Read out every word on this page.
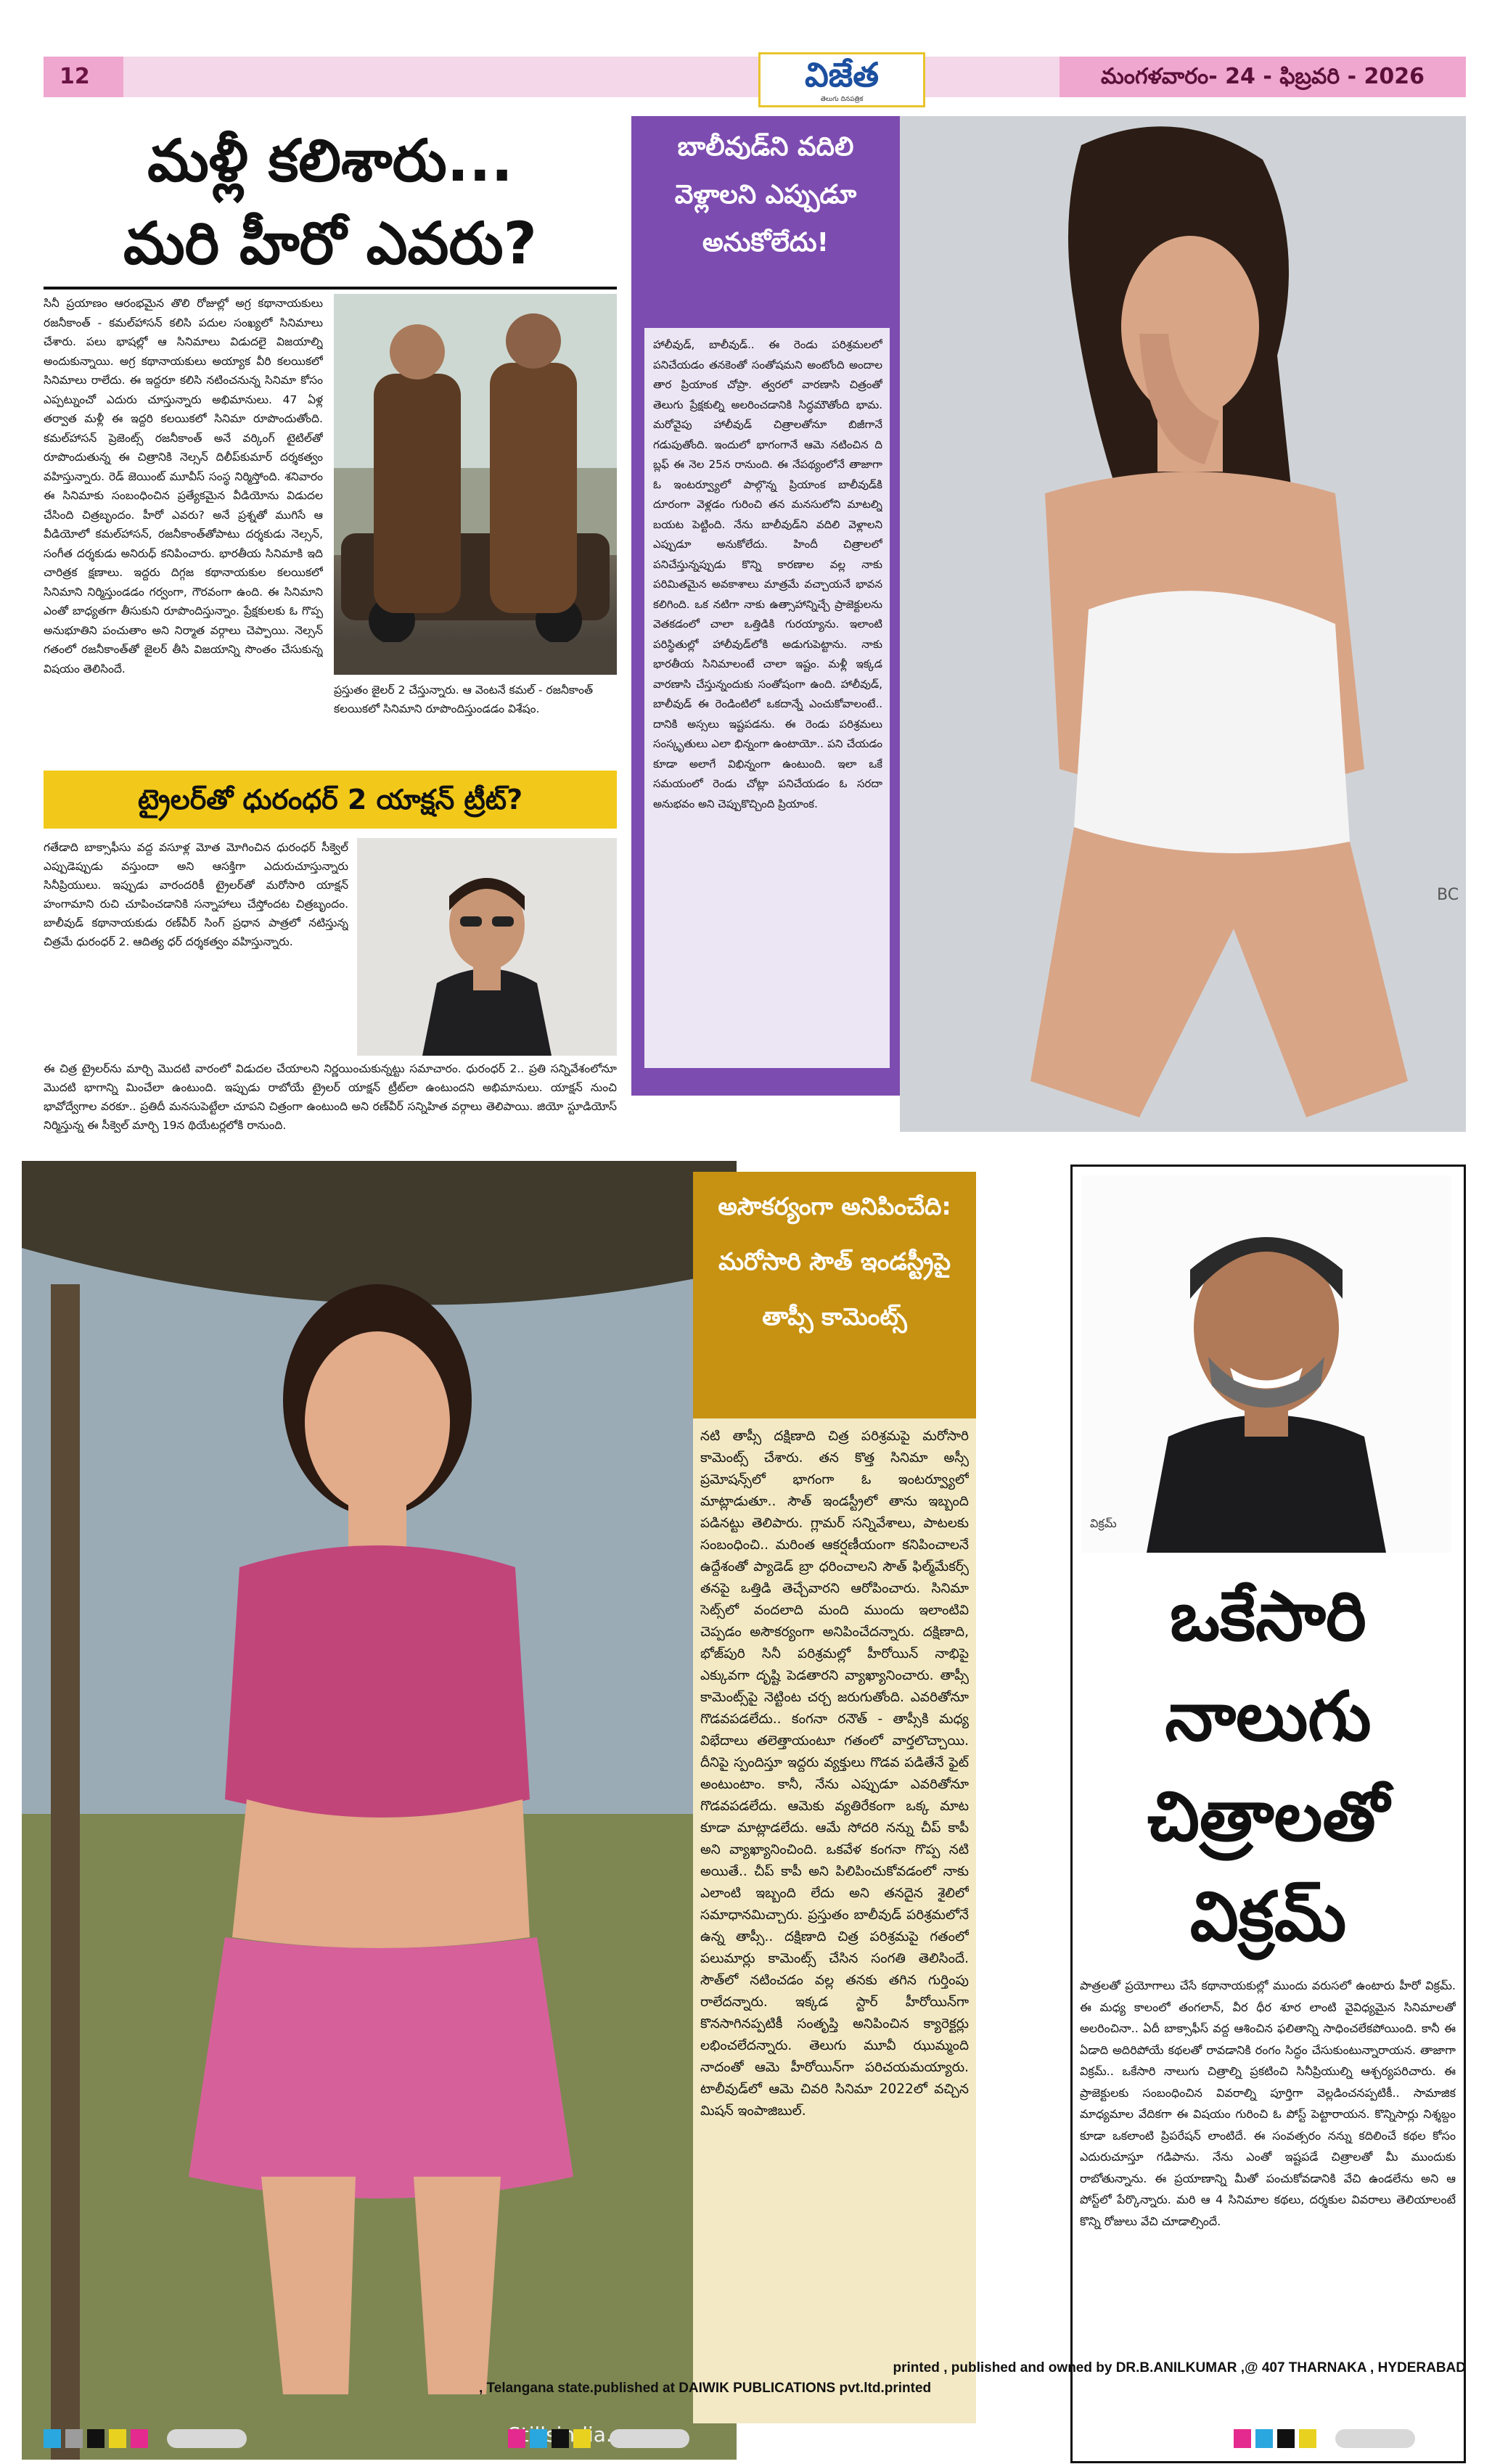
12	విజేత
తెలుగు దినపత్రిక
మంగళవారం- 24 - ఫిబ్రవరి - 2026
మళ్లీ కలిశారు...
మరి హీరో ఎవరు?
సినీ ప్రయాణం ఆరంభమైన తొలి రోజుల్లో అగ్ర కథానాయకులు రజనీకాంత్ - కమల్‌హాసన్ కలిసి పదుల సంఖ్యలో సినిమాలు చేశారు. పలు భాషల్లో ఆ సినిమాలు విడుదలై విజయాల్ని అందుకున్నాయి. అగ్ర కథానాయకులు అయ్యాక వీరి కలయికలో సినిమాలు రాలేదు. ఈ ఇద్దరూ కలిసి నటించనున్న సినిమా కోసం ఎప్పట్నుంచో ఎదురు చూస్తున్నారు అభిమానులు. 47 ఏళ్ల తర్వాత మళ్లీ ఈ ఇద్దరి కలయికలో సినిమా రూపొందుతోంది. కమల్‌హాసన్ ప్రెజెంట్స్ రజనీకాంత్ అనే వర్కింగ్ టైటిల్‌తో రూపొందుతున్న ఈ చిత్రానికి నెల్సన్ దిలీప్‌కుమార్ దర్శకత్వం వహిస్తున్నారు. రెడ్ జెయింట్ మూవీస్ సంస్థ నిర్మిస్తోంది. శనివారం ఈ సినిమాకు సంబంధించిన ప్రత్యేకమైన వీడియోను విడుదల చేసింది చిత్రబృందం. హీరో ఎవరు? అనే ప్రశ్నతో ముగిసే ఆ వీడియోలో కమల్‌హాసన్, రజనీకాంత్‌తోపాటు దర్శకుడు నెల్సన్, సంగీత దర్శకుడు అనిరుధ్ కనిపించారు. భారతీయ సినిమాకి ఇది చారిత్రక క్షణాలు. ఇద్దరు దిగ్గజ కథానాయకుల కలయికలో సినిమాని నిర్మిస్తుండడం గర్వంగా, గౌరవంగా ఉంది. ఈ సినిమాని ఎంతో బాధ్యతగా తీసుకుని రూపొందిస్తున్నాం. ప్రేక్షకులకు ఓ గొప్ప అనుభూతిని పంచుతాం అని నిర్మాత వర్గాలు చెప్పాయి. నెల్సన్ గతంలో రజనీకాంత్‌తో జైలర్ తీసి విజయాన్ని సొంతం చేసుకున్న విషయం తెలిసిందే.
ప్రస్తుతం జైలర్ 2 చేస్తున్నారు. ఆ వెంటనే కమల్ - రజనీకాంత్ కలయికలో సినిమాని రూపొందిస్తుండడం విశేషం.
ట్రైలర్‌తో ధురంధర్ 2 యాక్షన్ ట్రీట్?
గతేడాది బాక్సాఫీసు వద్ద వసూళ్ల మోత మోగించిన ధురంధర్ సీక్వెల్ ఎప్పుడెప్పుడు వస్తుందా అని ఆసక్తిగా ఎదురుచూస్తున్నారు సినీప్రియులు. ఇప్పుడు వారందరికీ ట్రైలర్‌తో మరోసారి యాక్షన్ హంగామాని రుచి చూపించడానికి సన్నాహాలు చేస్తోందట చిత్రబృందం. బాలీవుడ్ కథానాయకుడు రణ్‌వీర్ సింగ్ ప్రధాన పాత్రలో నటిస్తున్న చిత్రమే ధురంధర్ 2. ఆదిత్య ధర్ దర్శకత్వం వహిస్తున్నారు.
ఈ చిత్ర ట్రైలర్‌ను మార్చి మొదటి వారంలో విడుదల చేయాలని నిర్ణయించుకున్నట్టు సమాచారం. ధురంధర్ 2.. ప్రతి సన్నివేశంలోనూ మొదటి భాగాన్ని మించేలా ఉంటుంది. ఇప్పుడు రాబోయే ట్రైలర్ యాక్షన్ ట్రీట్‌లా ఉంటుందని అభిమానులు. యాక్షన్ నుంచి భావోద్వేగాల వరకూ.. ప్రతిదీ మనసుపెట్టేలా చూపని చిత్రంగా ఉంటుంది అని రణ్‌వీర్ సన్నిహిత వర్గాలు తెలిపాయి. జియో స్టూడియోస్ నిర్మిస్తున్న ఈ సీక్వెల్ మార్చి 19న థియేటర్లలోకి రానుంది.
బాలీవుడ్‌ని వదిలి వెళ్లాలని ఎప్పుడూ అనుకోలేదు!
హాలీవుడ్, బాలీవుడ్.. ఈ రెండు పరిశ్రమలలో పనిచేయడం తనకెంతో సంతోషమని అంటోంది అందాల తార ప్రియాంక చోప్రా. త్వరలో వారణాసి చిత్రంతో తెలుగు ప్రేక్షకుల్ని అలరించడానికి సిద్ధమౌతోంది భామ. మరోవైపు హాలీవుడ్ చిత్రాలతోనూ బిజీగానే గడుపుతోంది. ఇందులో భాగంగానే ఆమె నటించిన ది బ్లఫ్ ఈ నెల 25న రానుంది. ఈ నేపథ్యంలోనే తాజాగా ఓ ఇంటర్వ్యూలో పాల్గొన్న ప్రియాంక బాలీవుడ్‌కి దూరంగా వెళ్లడం గురించి తన మనసులోని మాటల్ని బయట పెట్టింది. నేను బాలీవుడ్‌ని వదిలి వెళ్లాలని ఎప్పుడూ అనుకోలేదు. హిందీ చిత్రాలలో పనిచేస్తున్నప్పుడు కొన్ని కారణాల వల్ల నాకు పరిమితమైన అవకాశాలు మాత్రమే వచ్చాయనే భావన కలిగింది. ఒక నటిగా నాకు ఉత్సాహాన్నిచ్చే ప్రాజెక్టులను వెతకడంలో చాలా ఒత్తిడికి గురయ్యాను. ఇలాంటి పరిస్థితుల్లో హాలీవుడ్‌లోకి అడుగుపెట్టాను. నాకు భారతీయ సినిమాలంటే చాలా ఇష్టం. మళ్లీ ఇక్కడ వారణాసి చేస్తున్నందుకు సంతోషంగా ఉంది. హాలీవుడ్, బాలీవుడ్ ఈ రెండింటిలో ఒకదాన్నే ఎంచుకోవాలంటే.. దానికి అస్సలు ఇష్టపడను. ఈ రెండు పరిశ్రమలు సంస్కృతులు ఎలా భిన్నంగా ఉంటాయో.. పని చేయడం కూడా అలాగే విభిన్నంగా ఉంటుంది. ఇలా ఒకే సమయంలో రెండు చోట్లా పనిచేయడం ఓ సరదా అనుభవం అని చెప్పుకొచ్చింది ప్రియాంక.
BC
అసౌకర్యంగా అనిపించేది: మరోసారి సౌత్ ఇండస్ట్రీపై తాప్సీ కామెంట్స్
నటి తాప్సీ దక్షిణాది చిత్ర పరిశ్రమపై మరోసారి కామెంట్స్ చేశారు. తన కొత్త సినిమా అస్సీ ప్రమోషన్స్‌లో భాగంగా ఓ ఇంటర్వ్యూలో మాట్లాడుతూ.. సౌత్ ఇండస్ట్రీలో తాను ఇబ్బంది పడినట్టు తెలిపారు. గ్లామర్ సన్నివేశాలు, పాటలకు సంబంధించి.. మరింత ఆకర్షణీయంగా కనిపించాలనే ఉద్దేశంతో ప్యాడెడ్ బ్రా ధరించాలని సౌత్ ఫిల్మ్‌మేకర్స్ తనపై ఒత్తిడి తెచ్చేవారని ఆరోపించారు. సినిమా సెట్స్‌లో వందలాది మంది ముందు ఇలాంటివి చెప్పడం అసౌకర్యంగా అనిపించేదన్నారు. దక్షిణాది, భోజ్‌పురి సినీ పరిశ్రమల్లో హీరోయిన్ నాభిపై ఎక్కువగా దృష్టి పెడతారని వ్యాఖ్యానించారు. తాప్సీ కామెంట్స్‌పై నెట్టింట చర్చ జరుగుతోంది. ఎవరితోనూ గొడవపడలేదు.. కంగనా రనౌత్ - తాప్సీకి మధ్య విభేదాలు తలెత్తాయంటూ గతంలో వార్తలొచ్చాయి. దీనిపై స్పందిస్తూ ఇద్దరు వ్యక్తులు గొడవ పడితేనే ఫైట్ అంటుంటాం. కానీ, నేను ఎప్పుడూ ఎవరితోనూ గొడవపడలేదు. ఆమెకు వ్యతిరేకంగా ఒక్క మాట కూడా మాట్లాడలేదు. ఆమే సోదరి నన్ను చీప్ కాపీ అని వ్యాఖ్యానించింది. ఒకవేళ కంగనా గొప్ప నటి అయితే.. చీప్ కాపీ అని పిలిపించుకోవడంలో నాకు ఎలాంటి ఇబ్బంది లేదు అని తనదైన శైలిలో సమాధానమిచ్చారు. ప్రస్తుతం బాలీవుడ్ పరిశ్రమలోనే ఉన్న తాప్సీ.. దక్షిణాది చిత్ర పరిశ్రమపై గతంలో పలుమార్లు కామెంట్స్ చేసిన సంగతి తెలిసిందే. సౌత్‌లో నటించడం వల్ల తనకు తగిన గుర్తింపు రాలేదన్నారు. ఇక్కడ స్టార్ హీరోయిన్‌గా కొనసాగినప్పటికీ సంతృప్తి అనిపించిన క్యారెక్టర్లు లభించలేదన్నారు. తెలుగు మూవీ ఝుమ్మంది నాదంతో ఆమె హీరోయిన్‌గా పరిచయమయ్యారు. టాలీవుడ్‌లో ఆమె చివరి సినిమా 2022లో వచ్చిన మిషన్ ఇంపాజిబుల్.
విక్రమ్
ఒకేసారి
నాలుగు
చిత్రాలతో
విక్రమ్
పాత్రలతో ప్రయోగాలు చేసే కథానాయకుల్లో ముందు వరుసలో ఉంటారు హీరో విక్రమ్. ఈ మధ్య కాలంలో తంగలాన్, వీర ధీర శూర లాంటి వైవిధ్యమైన సినిమాలతో అలరించినా.. ఏదీ బాక్సాఫీస్ వద్ద ఆశించిన ఫలితాన్ని సాధించలేకపోయింది. కానీ ఈ ఏడాది అదిరిపోయే కథలతో రావడానికి రంగం సిద్ధం చేసుకుంటున్నారాయన. తాజాగా విక్రమ్.. ఒకేసారి నాలుగు చిత్రాల్ని ప్రకటించి సినీప్రియుల్ని ఆశ్చర్యపరిచారు. ఈ ప్రాజెక్టులకు సంబంధించిన వివరాల్ని పూర్తిగా వెల్లడించనప్పటికీ.. సామాజిక మాధ్యమాల వేదికగా ఈ విషయం గురించి ఓ పోస్ట్ పెట్టారాయన. కొన్నిసార్లు నిశ్శబ్దం కూడా ఒకలాంటి ప్రిపరేషన్ లాంటిదే. ఈ సంవత్సరం నన్ను కదిలించే కథల కోసం ఎదురుచూస్తూ గడిపాను. నేను ఎంతో ఇష్టపడే చిత్రాలతో మీ ముందుకు రాబోతున్నాను. ఈ ప్రయాణాన్ని మీతో పంచుకోవడానికి వేచి ఉండలేను అని ఆ పోస్ట్‌లో పేర్కొన్నారు. మరి ఆ 4 సినిమాల కథలు, దర్శకుల వివరాలు తెలియాలంటే కొన్ని రోజులు వేచి చూడాల్సిందే.
printed , published and owned by DR.B.ANILKUMAR ,@ 407 THARNAKA , HYDERABAD
, Telangana state.published at DAIWIK PUBLICATIONS pvt.ltd.printed
